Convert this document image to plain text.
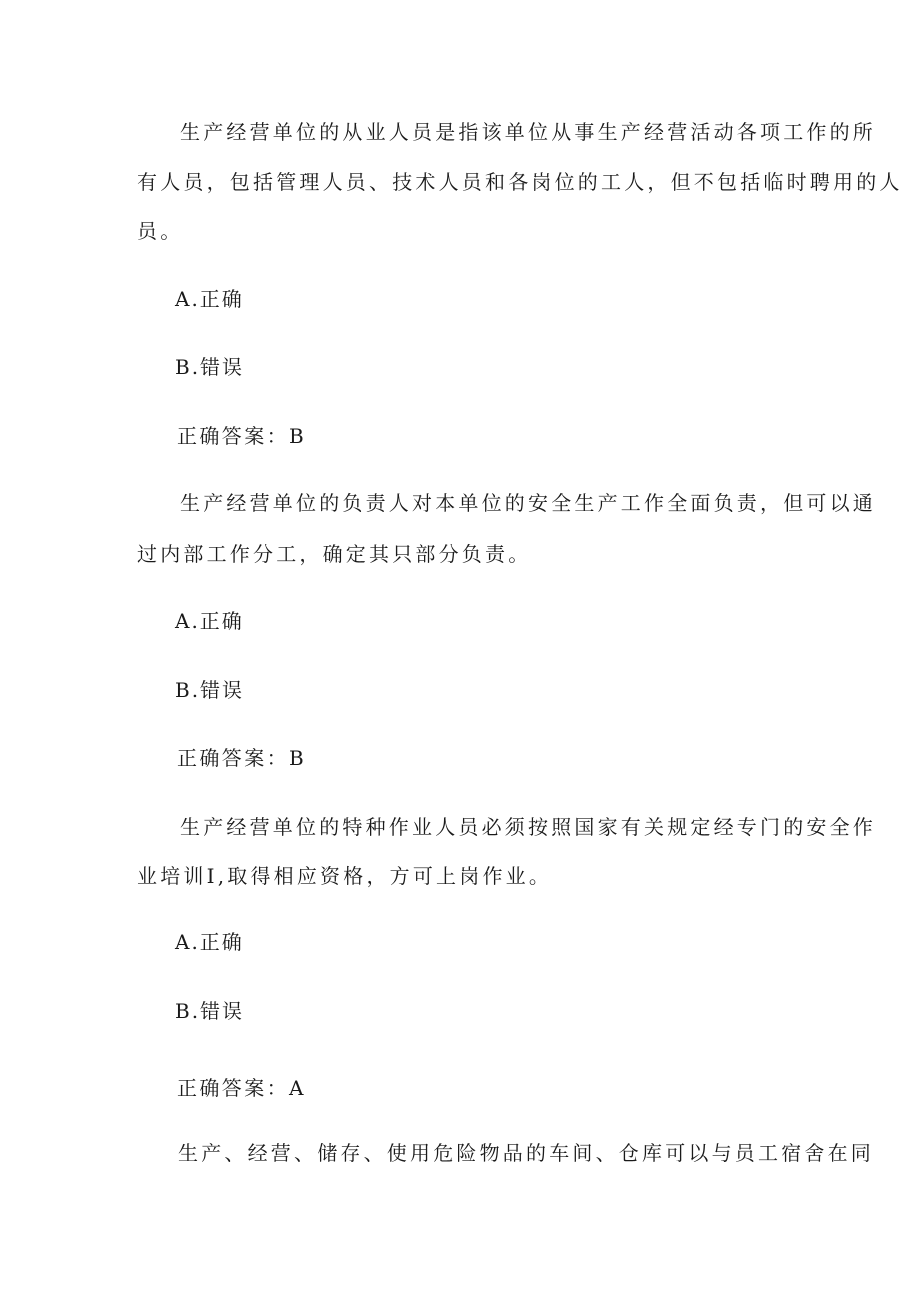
生产经营单位的从业人员是指该单位从事生产经营活动各项工作的所
有人员，包括管理人员、技术人员和各岗位的工人，但不包括临时聘用的人
员。
A.正确
B.错误
正确答案：B
生产经营单位的负责人对本单位的安全生产工作全面负责，但可以通
过内部工作分工，确定其只部分负责。
A.正确
B.错误
正确答案：B
生产经营单位的特种作业人员必须按照国家有关规定经专门的安全作
业培训I,取得相应资格，方可上岗作业。
A.正确
B.错误
正确答案：A
生产、经营、储存、使用危险物品的车间、仓库可以与员工宿舍在同
